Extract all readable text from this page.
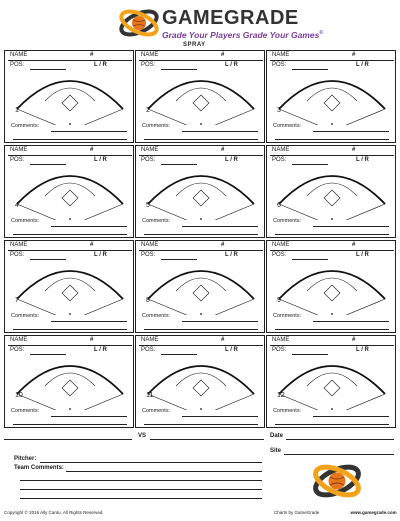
GAMEGRADE
Grade Your Players Grade Your Games®
SPRAY
NAME	#
POS:	L / R
1
Comments:
NAME	#
POS:	L / R
2
Comments:
NAME	#
POS:	L / R
3
Comments:
NAME	#
POS:	L / R
4
Comments:
NAME	#
POS:	L / R
5
Comments:
NAME	#
POS:	L / R
6
Comments:
NAME	#
POS:	L / R
7
Comments:
NAME	#
POS:	L / R
8
Comments:
NAME	#
POS:	L / R
9
Comments:
NAME	#
POS:	L / R
10
Comments:
NAME	#
POS:	L / R
11
Comments:
NAME	#
POS:	L / R
12
Comments:
VS	Date
Site
Pitcher:
Team Comments:
Copyright © 2016 Ally Cantu. All Rights Reserved.	Charts by GameGrade	www.gamegrade.com
